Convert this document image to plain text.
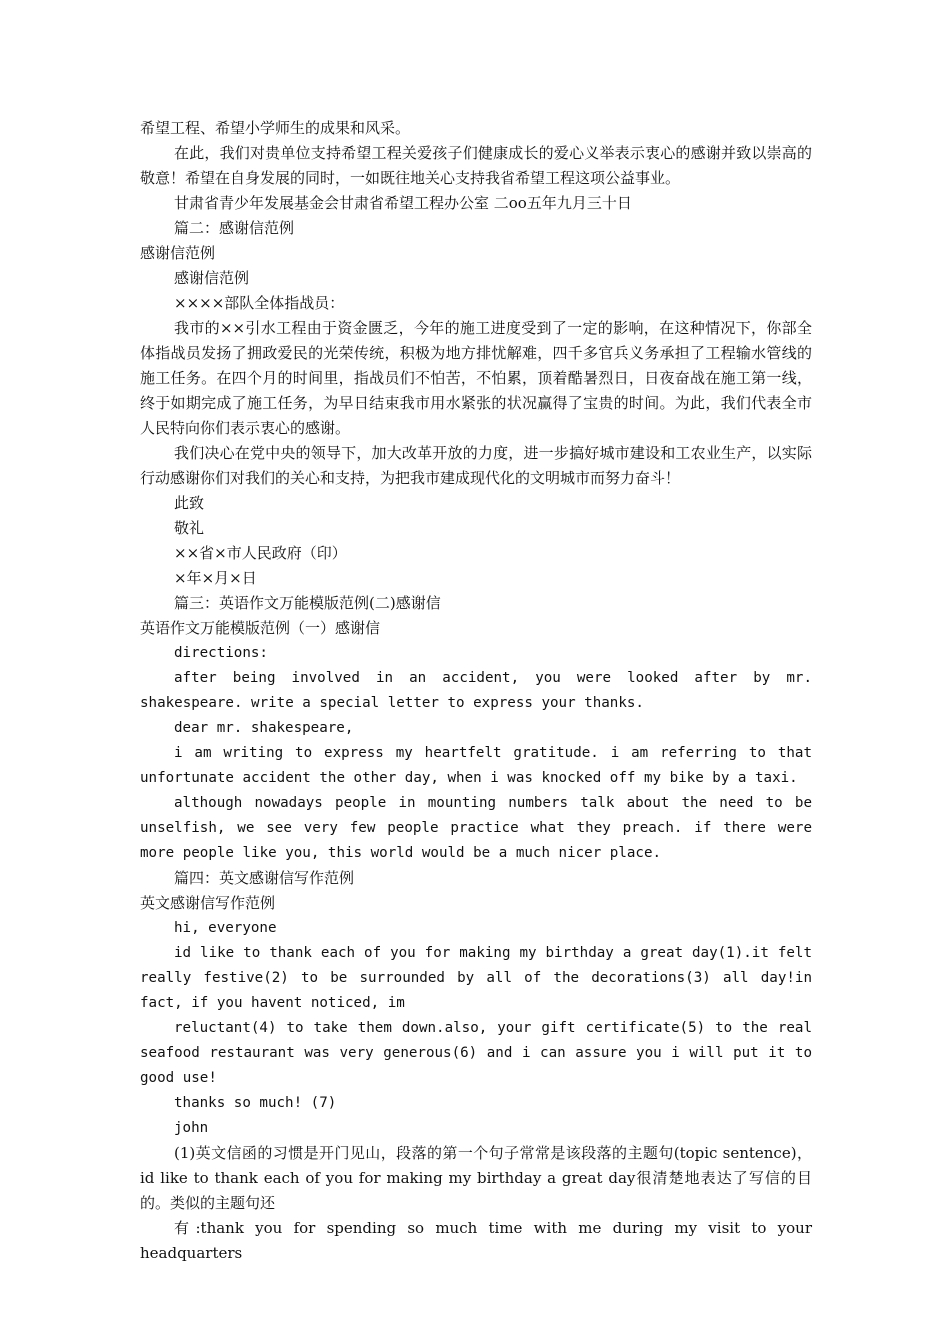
希望工程、希望小学师生的成果和风采。

在此，我们对贵单位支持希望工程关爱孩子们健康成长的爱心义举表示衷心的感谢并致以崇高的敬意！希望在自身发展的同时，一如既往地关心支持我省希望工程这项公益事业。

甘肃省青少年发展基金会甘肃省希望工程办公室 二oo五年九月三十日

篇二：感谢信范例

感谢信范例

感谢信范例

××××部队全体指战员：

我市的××引水工程由于资金匮乏，今年的施工进度受到了一定的影响，在这种情况下，你部全体指战员发扬了拥政爱民的光荣传统，积极为地方排忧解难，四千多官兵义务承担了工程输水管线的施工任务。在四个月的时间里，指战员们不怕苦，不怕累，顶着酷暑烈日，日夜奋战在施工第一线，终于如期完成了施工任务，为早日结束我市用水紧张的状况赢得了宝贵的时间。为此，我们代表全市人民特向你们表示衷心的感谢。

我们决心在党中央的领导下，加大改革开放的力度，进一步搞好城市建设和工农业生产，以实际行动感谢你们对我们的关心和支持，为把我市建成现代化的文明城市而努力奋斗！

此致

敬礼

××省×市人民政府（印）

×年×月×日

篇三：英语作文万能模版范例(二)感谢信

英语作文万能模版范例（一）感谢信

directions:

after being involved in an accident, you were looked after by mr. shakespeare. write a special letter to express your thanks.

dear mr. shakespeare,

i am writing to express my heartfelt gratitude. i am referring to that unfortunate accident the other day, when i was knocked off my bike by a taxi.

although nowadays people in mounting numbers talk about the need to be unselfish, we see very few people practice what they preach. if there were more people like you, this world would be a much nicer place.

篇四：英文感谢信写作范例

英文感谢信写作范例

hi, everyone

id like to thank each of you for making my birthday a great day(1).it felt really festive(2) to be surrounded by all of the decorations(3) all day!in fact, if you havent noticed, im

reluctant(4) to take them down.also, your gift certificate(5) to the real seafood restaurant was very generous(6) and i can assure you i will put it to good use!

thanks so much! (7)

john

(1)英文信函的习惯是开门见山，段落的第一个句子常常是该段落的主题句(topic sentence)，id like to thank each of you for making my birthday a great day很清楚地表达了写信的目的。类似的主题句还

有:thank you for spending so much time with me during my visit to your headquarters
